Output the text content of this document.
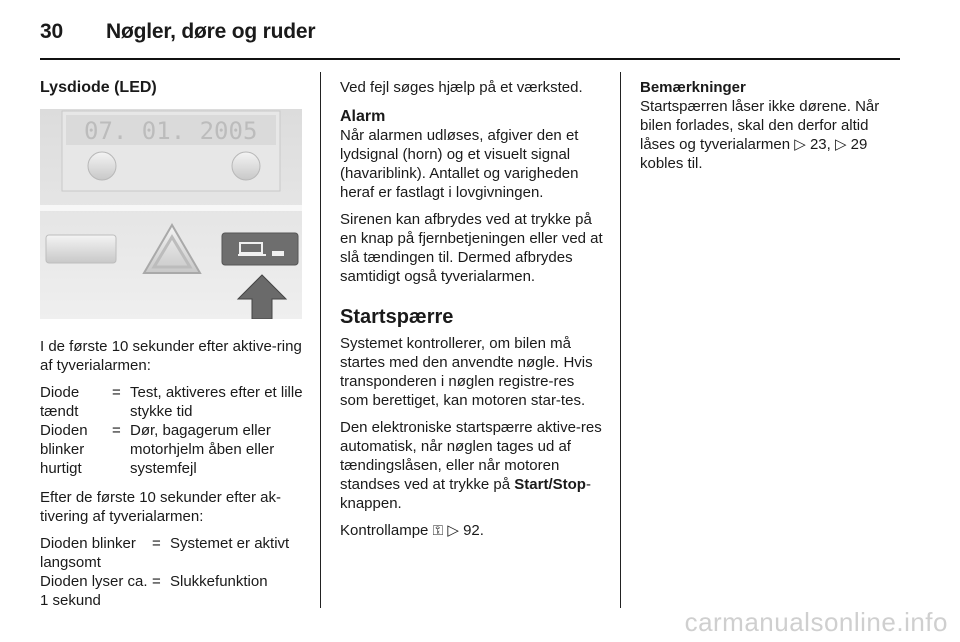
30 Nøgler, døre og ruder
Lysdiode (LED)
07. 01. 2005

I de første 10 sekunder efter aktive-ring af tyverialarmen:

Diode tændt	=	Test, aktiveres efter et lille stykke tid
Dioden blinker hurtigt	=	Dør, bagagerum eller motorhjelm åben eller systemfejl

Efter de første 10 sekunder efter ak-tivering af tyverialarmen:

Dioden blinker langsomt	=	Systemet er aktivt
Dioden lyser ca. 1 sekund	=	Slukkefunktion

Ved fejl søges hjælp på et værksted.

Alarm

Når alarmen udløses, afgiver den et lydsignal (horn) og et visuelt signal (havariblink). Antallet og varigheden heraf er fastlagt i lovgivningen.

Sirenen kan afbrydes ved at trykke på en knap på fjernbetjeningen eller ved at slå tændingen til. Dermed afbrydes samtidigt også tyverialarmen.

Startspærre

Systemet kontrollerer, om bilen må startes med den anvendte nøgle. Hvis transponderen i nøglen registre-res som berettiget, kan motoren star-tes.

Den elektroniske startspærre aktive-res automatisk, når nøglen tages ud af tændingslåsen, eller når motoren standses ved at trykke på Start/Stop-knappen.

Kontrollampe ⚿ ▷ 92.

Bemærkninger

Startspærren låser ikke dørene. Når bilen forlades, skal den derfor altid låses og tyverialarmen ▷ 23, ▷ 29 kobles til.

carmanualsonline.info
